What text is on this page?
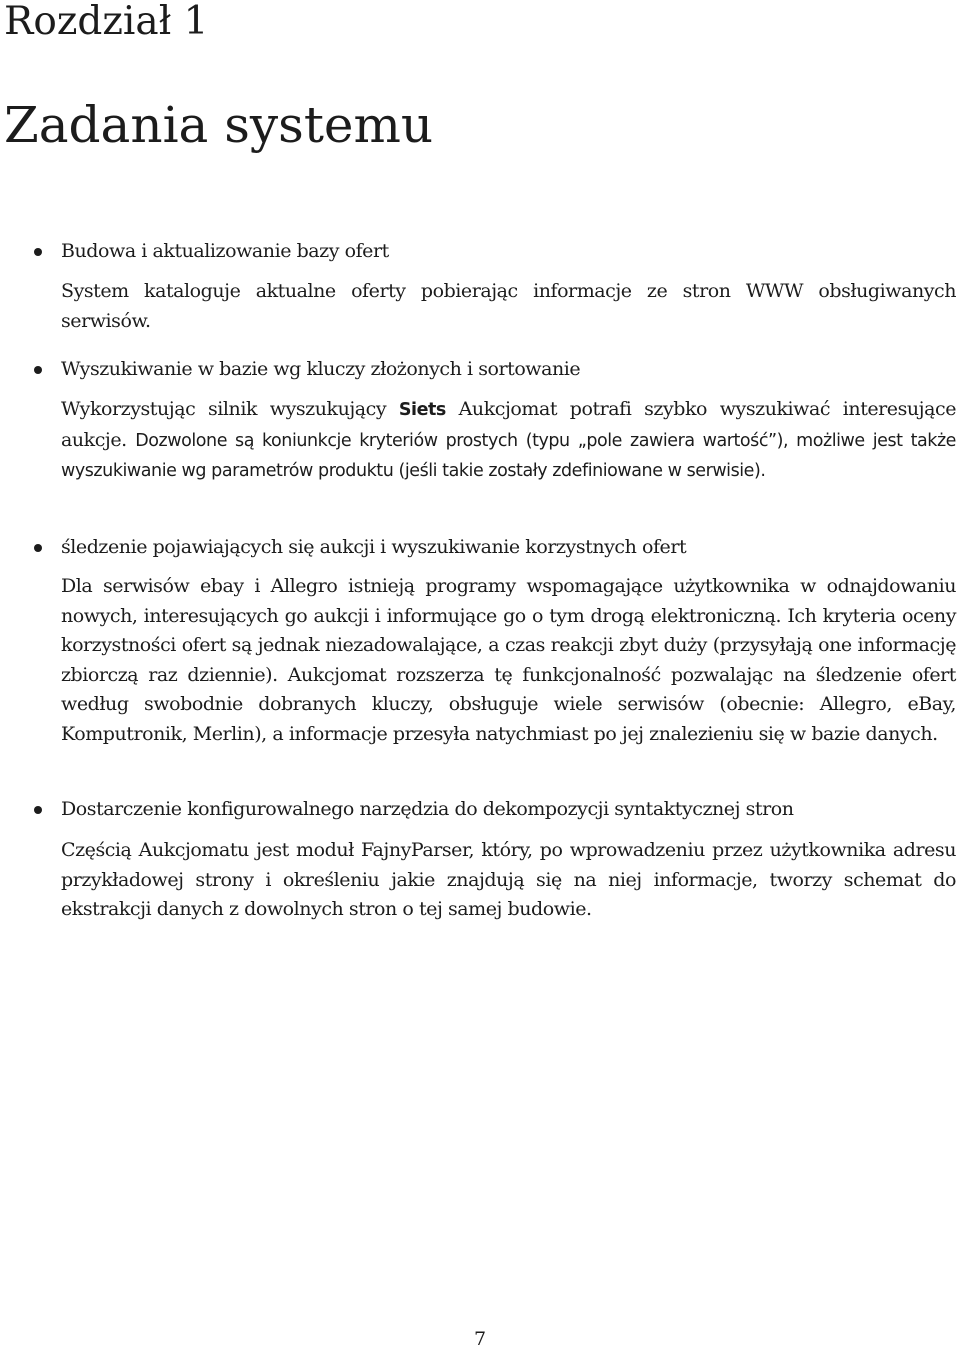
Rozdział 1
Zadania systemu

Budowa i aktualizowanie bazy ofert

System kataloguje aktualne oferty pobierając informacje ze stron WWW obsługiwanych serwisów.

Wyszukiwanie w bazie wg kluczy złożonych i sortowanie

Wykorzystując silnik wyszukujący Siets Aukcjomat potrafi szybko wyszukiwać interesujące aukcje. Dozwolone są koniunkcje kryteriów prostych (typu „pole zawiera wartość”), możliwe jest także wyszukiwanie wg parametrów produktu (jeśli takie zostały zdefiniowane w serwisie).

śledzenie pojawiających się aukcji i wyszukiwanie korzystnych ofert

Dla serwisów ebay i Allegro istnieją programy wspomagające użytkownika w odnajdowaniu nowych, interesujących go aukcji i informujące go o tym drogą elektroniczną. Ich kryteria oceny korzystności ofert są jednak niezadowalające, a czas reakcji zbyt duży (przysyłają one informację zbiorczą raz dziennie). Aukcjomat rozszerza tę funkcjonalność pozwalając na śledzenie ofert według swobodnie dobranych kluczy, obsługuje wiele serwisów (obecnie: Allegro, eBay, Komputronik, Merlin), a informacje przesyła natychmiast po jej znalezieniu się w bazie danych.

Dostarczenie konfigurowalnego narzędzia do dekompozycji syntaktycznej stron

Częścią Aukcjomatu jest moduł FajnyParser, który, po wprowadzeniu przez użytkownika adresu przykładowej strony i określeniu jakie znajdują się na niej informacje, tworzy schemat do ekstrakcji danych z dowolnych stron o tej samej budowie.

7
